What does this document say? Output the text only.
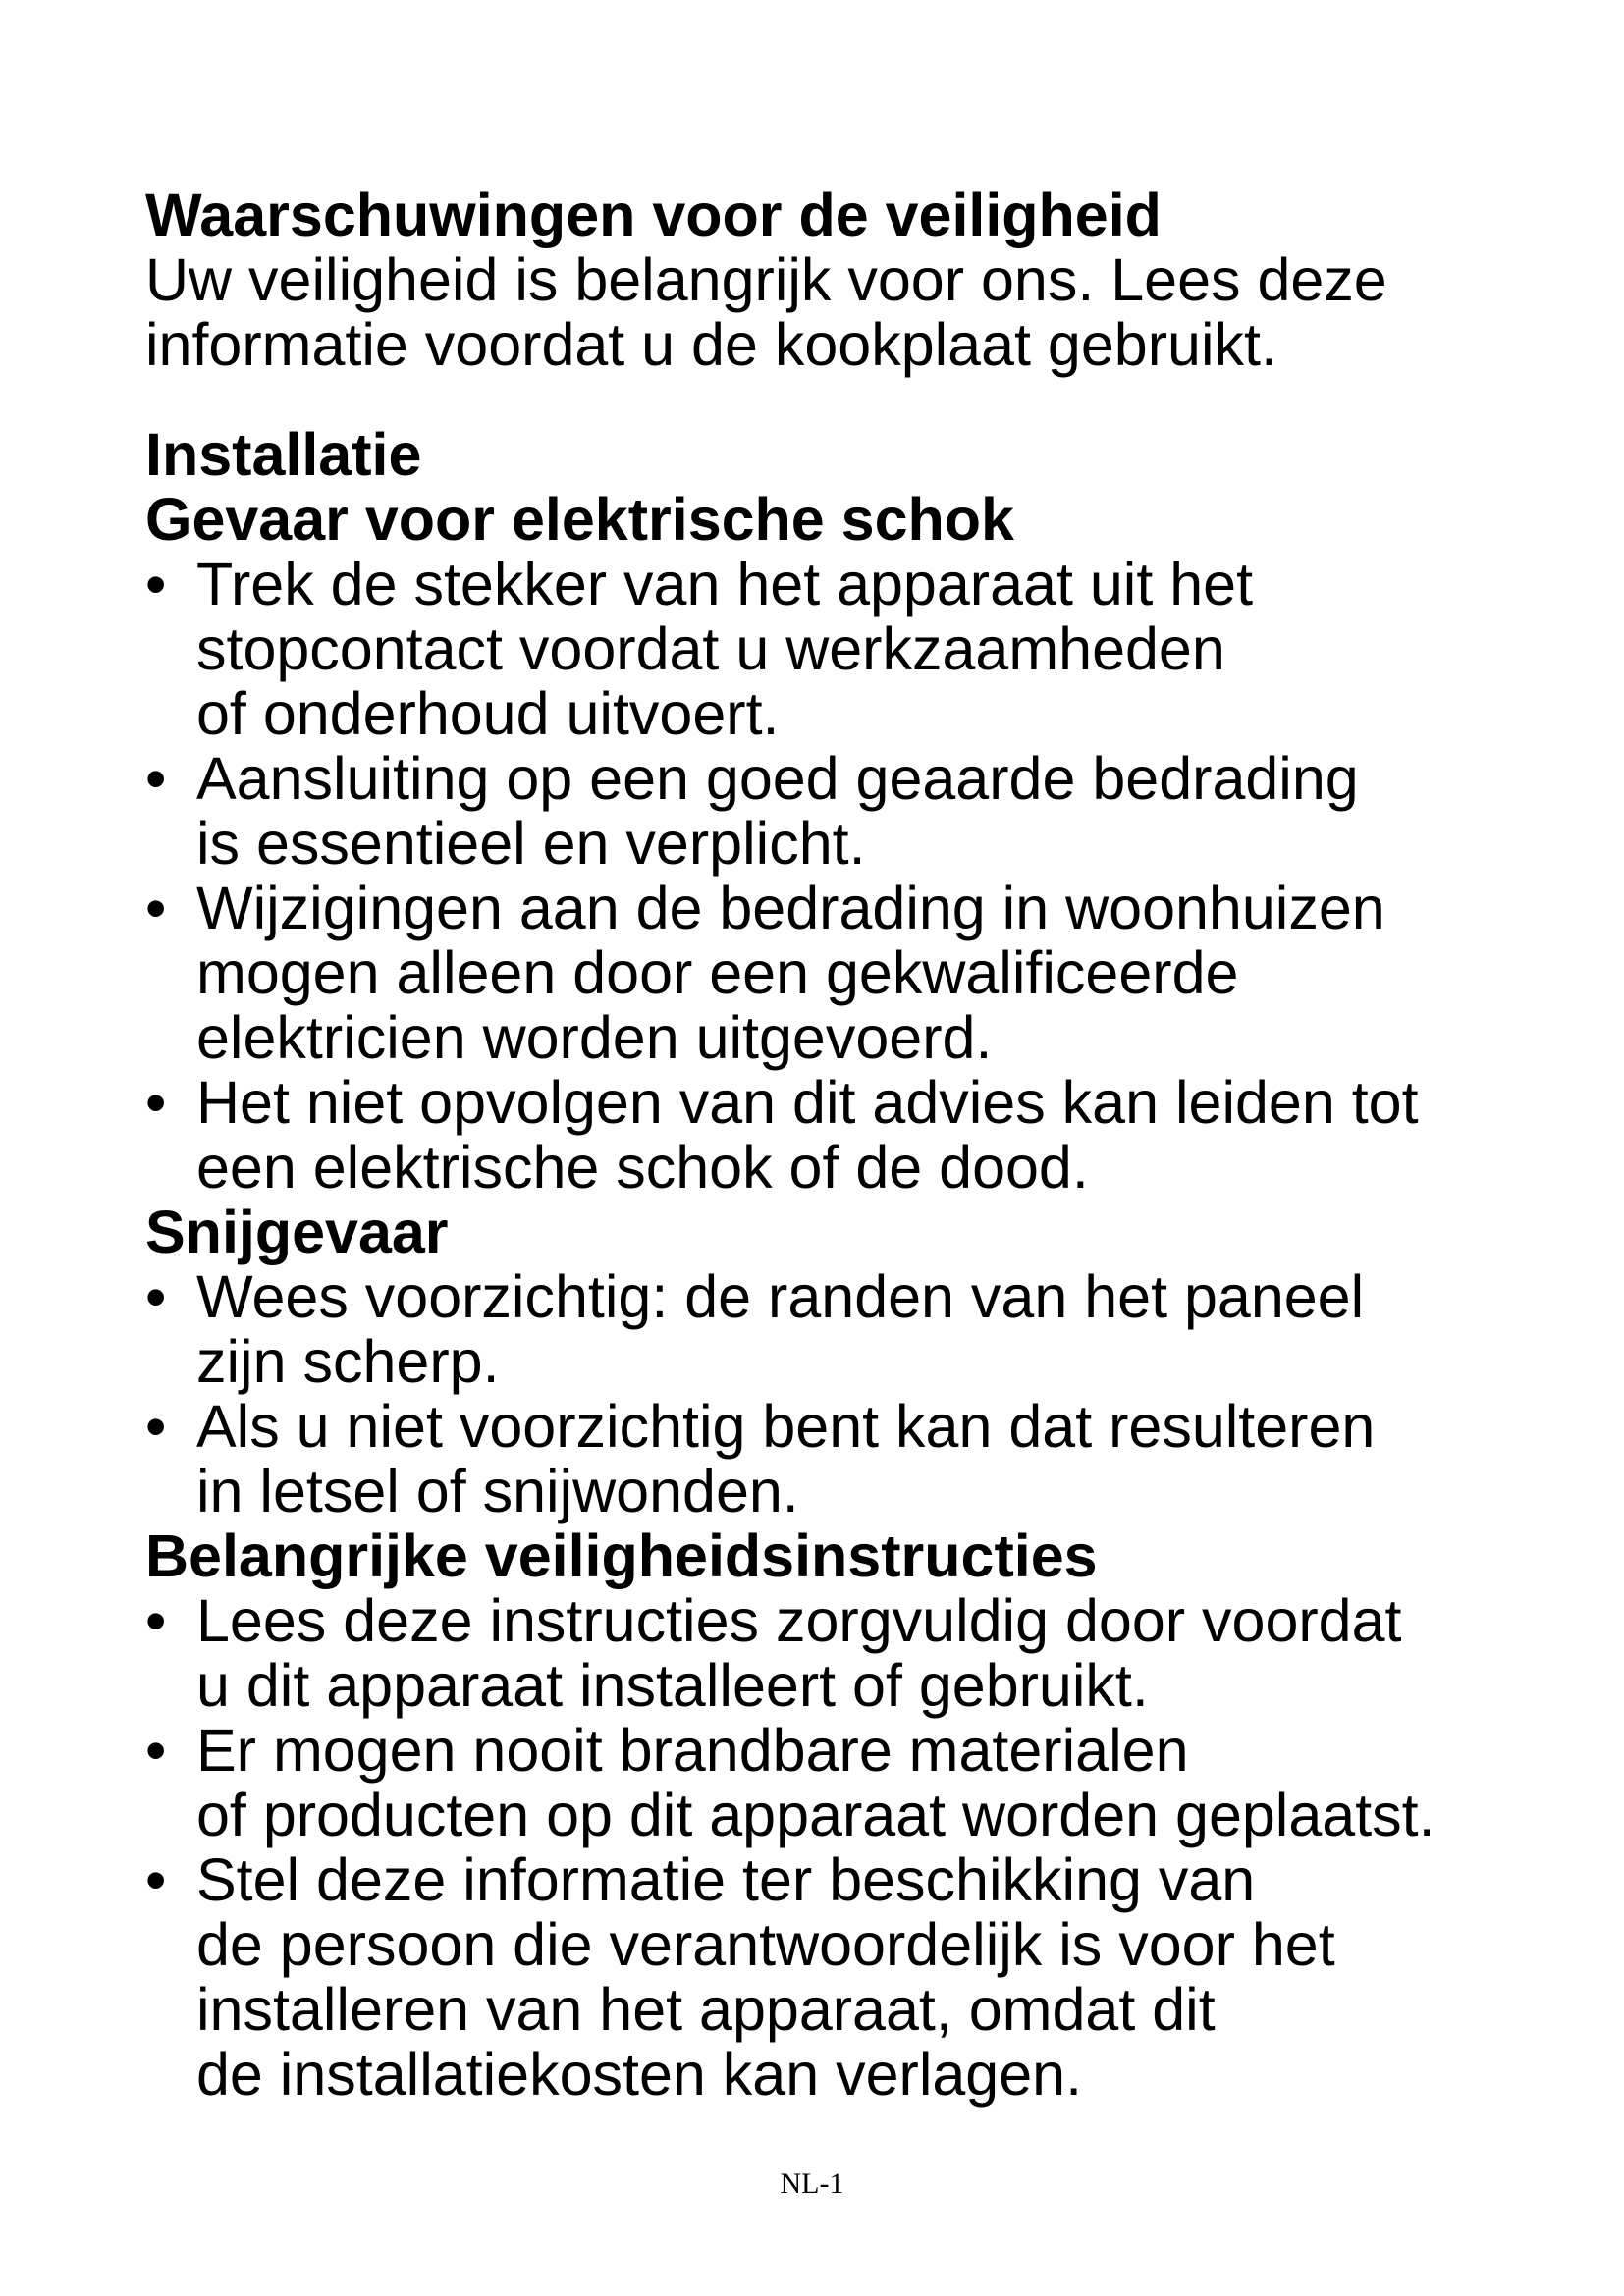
Waarschuwingen voor de veiligheid

Uw veiligheid is belangrijk voor ons. Lees deze

informatie voordat u de kookplaat gebruikt.

Installatie

Gevaar voor elektrische schok

• Trek de stekker van het apparaat uit het
stopcontact voordat u werkzaamheden
of onderhoud uitvoert.
• Aansluiting op een goed geaarde bedrading
is essentieel en verplicht.
• Wijzigingen aan de bedrading in woonhuizen
mogen alleen door een gekwalificeerde
elektricien worden uitgevoerd.
• Het niet opvolgen van dit advies kan leiden tot
een elektrische schok of de dood.

Snijgevaar

• Wees voorzichtig: de randen van het paneel
zijn scherp.
• Als u niet voorzichtig bent kan dat resulteren
in letsel of snijwonden.

Belangrijke veiligheidsinstructies

• Lees deze instructies zorgvuldig door voordat
u dit apparaat installeert of gebruikt.
• Er mogen nooit brandbare materialen
of producten op dit apparaat worden geplaatst.
• Stel deze informatie ter beschikking van
de persoon die verantwoordelijk is voor het
installeren van het apparaat, omdat dit
de installatiekosten kan verlagen.
NL-1
